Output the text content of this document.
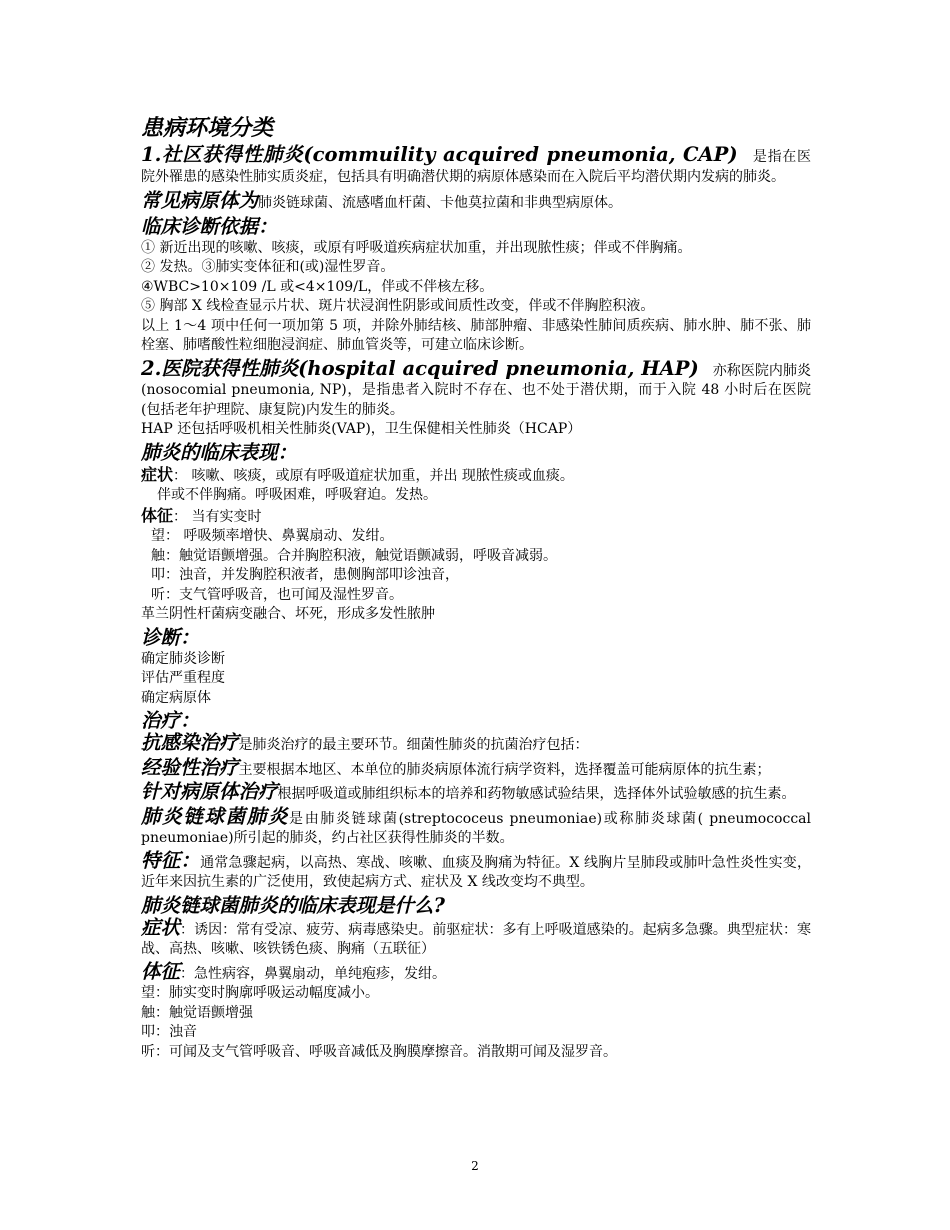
患病环境分类

1.社区获得性肺炎(commuility acquired pneumonia, CAP)　是指在医院外罹患的感染性肺实质炎症，包括具有明确潜伏期的病原体感染而在入院后平均潜伏期内发病的肺炎。

常见病原体为肺炎链球菌、流感嗜血杆菌、卡他莫拉菌和非典型病原体。

临床诊断依据：

① 新近出现的咳嗽、咳痰，或原有呼吸道疾病症状加重，并出现脓性痰；伴或不伴胸痛。

② 发热。③肺实变体征和(或)湿性罗音。

④WBC>10×109 /L 或<4×109/L，伴或不伴核左移。

⑤ 胸部 X 线检查显示片状、斑片状浸润性阴影或间质性改变，伴或不伴胸腔积液。

以上 1～4 项中任何一项加第 5 项，并除外肺结核、肺部肿瘤、非感染性肺间质疾病、肺水肿、肺不张、肺栓塞、肺嗜酸性粒细胞浸润症、肺血管炎等，可建立临床诊断。

2.医院获得性肺炎(hospital acquired pneumonia, HAP)　亦称医院内肺炎(nosocomial pneumonia, NP)，是指患者入院时不存在、也不处于潜伏期，而于入院 48 小时后在医院(包括老年护理院、康复院)内发生的肺炎。

HAP 还包括呼吸机相关性肺炎(VAP)，卫生保健相关性肺炎（HCAP）

肺炎的临床表现：

症状： 咳嗽、咳痰，或原有呼吸道症状加重，并出 现脓性痰或血痰。

伴或不伴胸痛。呼吸困难，呼吸窘迫。发热。

体征： 当有实变时

望： 呼吸频率增快、鼻翼扇动、发绀。

触：触觉语颤增强。合并胸腔积液，触觉语颤减弱，呼吸音减弱。

叩：浊音，并发胸腔积液者，患侧胸部叩诊浊音，

听：支气管呼吸音，也可闻及湿性罗音。

革兰阴性杆菌病变融合、坏死，形成多发性脓肿

诊断：

确定肺炎诊断

评估严重程度

确定病原体

治疗：

抗感染治疗是肺炎治疗的最主要环节。细菌性肺炎的抗菌治疗包括：

经验性治疗主要根据本地区、本单位的肺炎病原体流行病学资料，选择覆盖可能病原体的抗生素；

针对病原体治疗根据呼吸道或肺组织标本的培养和药物敏感试验结果，选择体外试验敏感的抗生素。

肺炎链球菌肺炎是由肺炎链球菌(streptococeus pneumoniae)或称肺炎球菌( pneumococcal pneumoniae)所引起的肺炎，约占社区获得性肺炎的半数。

特征：通常急骤起病，以高热、寒战、咳嗽、血痰及胸痛为特征。X 线胸片呈肺段或肺叶急性炎性实变，近年来因抗生素的广泛使用，致使起病方式、症状及 X 线改变均不典型。

肺炎链球菌肺炎的临床表现是什么?

症状：诱因：常有受凉、疲劳、病毒感染史。前驱症状：多有上呼吸道感染的。起病多急骤。典型症状：寒战、高热、咳嗽、咳铁锈色痰、胸痛（五联征）

体征：急性病容，鼻翼扇动，单纯疱疹，发绀。

望：肺实变时胸廓呼吸运动幅度减小。

触：触觉语颤增强

叩：浊音

听：可闻及支气管呼吸音、呼吸音减低及胸膜摩擦音。消散期可闻及湿罗音。

2
